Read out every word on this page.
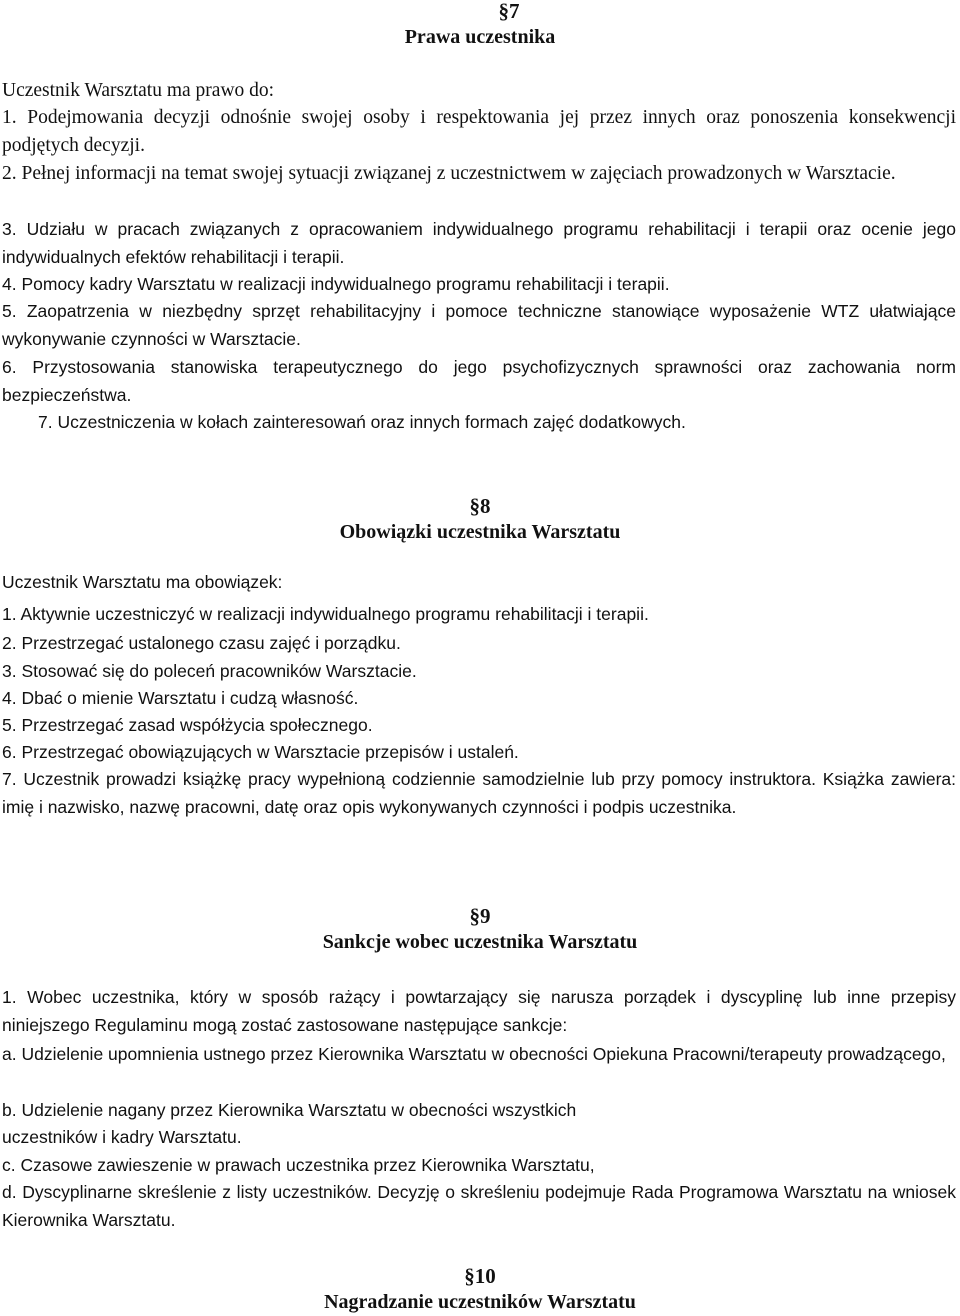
§ 7
Prawa uczestnika

Uczestnik Warsztatu ma prawo do:

1. Podejmowania decyzji odnośnie swojej osoby i respektowania jej przez innych oraz ponoszenia konsekwencji podjętych decyzji.

2. Pełnej informacji na temat swojej sytuacji związanej z uczestnictwem w zajęciach prowadzonych w Warsztacie.

3. Udziału w pracach związanych z opracowaniem indywidualnego programu rehabilitacji i terapii oraz ocenie jego indywidualnych efektów rehabilitacji i terapii.

4. Pomocy kadry Warsztatu w realizacji indywidualnego programu rehabilitacji i terapii.

5. Zaopatrzenia w niezbędny sprzęt rehabilitacyjny i pomoce techniczne stanowiące wyposażenie WTZ ułatwiające wykonywanie czynności w Warsztacie.

6. Przystosowania stanowiska terapeutycznego do jego psychofizycznych sprawności oraz zachowania norm bezpieczeństwa.

7. Uczestniczenia w kołach zainteresowań oraz innych formach zajęć dodatkowych.

§ 8
Obowiązki uczestnika Warsztatu

Uczestnik Warsztatu ma obowiązek:

1. Aktywnie uczestniczyć w realizacji indywidualnego programu rehabilitacji i terapii.

2. Przestrzegać ustalonego czasu zajęć i porządku.

3. Stosować się do poleceń pracowników Warsztacie.

4. Dbać o mienie Warsztatu i cudzą własność.

5. Przestrzegać zasad współżycia społecznego.

6. Przestrzegać obowiązujących w Warsztacie przepisów i ustaleń.

7. Uczestnik prowadzi książkę pracy wypełnioną codziennie samodzielnie lub przy pomocy instruktora. Książka zawiera: imię i nazwisko, nazwę pracowni, datę oraz opis wykonywanych czynności i podpis uczestnika.

§ 9
Sankcje wobec uczestnika Warsztatu

1. Wobec uczestnika, który w sposób rażący i powtarzający się narusza porządek i dyscyplinę lub inne przepisy niniejszego Regulaminu mogą zostać zastosowane następujące sankcje:

a. Udzielenie upomnienia ustnego przez Kierownika Warsztatu w obecności Opiekuna Pracowni/terapeuty prowadzącego,

b. Udzielenie nagany przez Kierownika Warsztatu w obecności wszystkich

uczestników i kadry Warsztatu.

c. Czasowe zawieszenie w prawach uczestnika przez Kierownika Warsztatu,

d. Dyscyplinarne skreślenie z listy uczestników. Decyzję o skreśleniu podejmuje Rada Programowa Warsztatu na wniosek Kierownika Warsztatu.

§ 10
Nagradzanie uczestników Warsztatu
